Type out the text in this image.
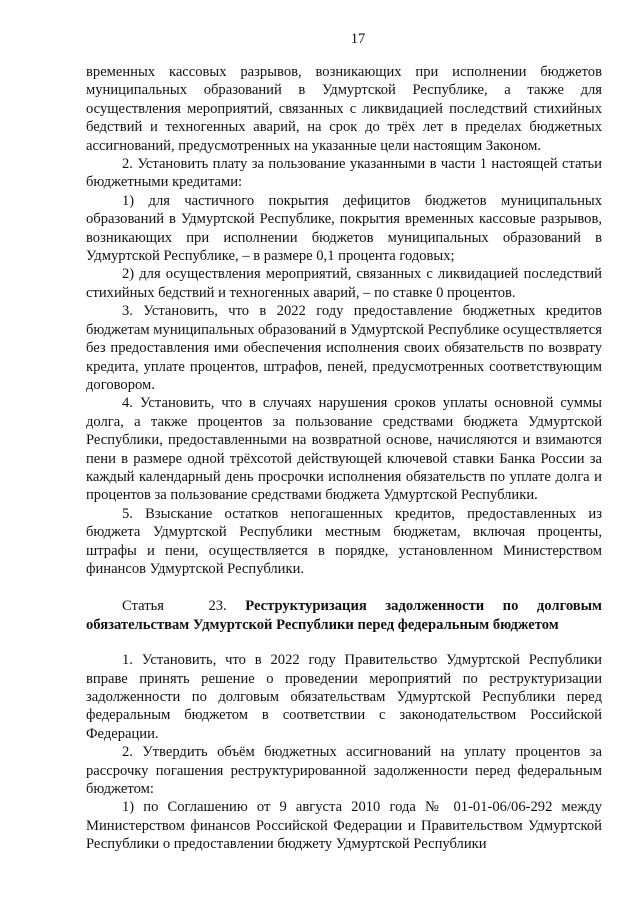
17

временных кассовых разрывов, возникающих при исполнении бюджетов муниципальных образований в Удмуртской Республике, а также для осуществления мероприятий, связанных с ликвидацией последствий стихийных бедствий и техногенных аварий, на срок до трёх лет в пределах бюджетных ассигнований, предусмотренных на указанные цели настоящим Законом.

2. Установить плату за пользование указанными в части 1 настоящей статьи бюджетными кредитами:

1) для частичного покрытия дефицитов бюджетов муниципальных образований в Удмуртской Республике, покрытия временных кассовые разрывов, возникающих при исполнении бюджетов муниципальных образований в Удмуртской Республике, – в размере 0,1 процента годовых;

2) для осуществления мероприятий, связанных с ликвидацией последствий стихийных бедствий и техногенных аварий, – по ставке 0 процентов.

3. Установить, что в 2022 году предоставление бюджетных кредитов бюджетам муниципальных образований в Удмуртской Республике осуществляется без предоставления ими обеспечения исполнения своих обязательств по возврату кредита, уплате процентов, штрафов, пеней, предусмотренных соответствующим договором.

4. Установить, что в случаях нарушения сроков уплаты основной суммы долга, а также процентов за пользование средствами бюджета Удмуртской Республики, предоставленными на возвратной основе, начисляются и взимаются пени в размере одной трёхсотой действующей ключевой ставки Банка России за каждый календарный день просрочки исполнения обязательств по уплате долга и процентов за пользование средствами бюджета Удмуртской Республики.

5. Взыскание остатков непогашенных кредитов, предоставленных из бюджета Удмуртской Республики местным бюджетам, включая проценты, штрафы и пени, осуществляется в порядке, установленном Министерством финансов Удмуртской Республики.

Статья 23. Реструктуризация задолженности по долговым обязательствам Удмуртской Республики перед федеральным бюджетом

1. Установить, что в 2022 году Правительство Удмуртской Республики вправе принять решение о проведении мероприятий по реструктуризации задолженности по долговым обязательствам Удмуртской Республики перед федеральным бюджетом в соответствии с законодательством Российской Федерации.

2. Утвердить объём бюджетных ассигнований на уплату процентов за рассрочку погашения реструктурированной задолженности перед федеральным бюджетом:

1) по Соглашению от 9 августа 2010 года № 01-01-06/06-292 между Министерством финансов Российской Федерации и Правительством Удмуртской Республики о предоставлении бюджету Удмуртской Республики
